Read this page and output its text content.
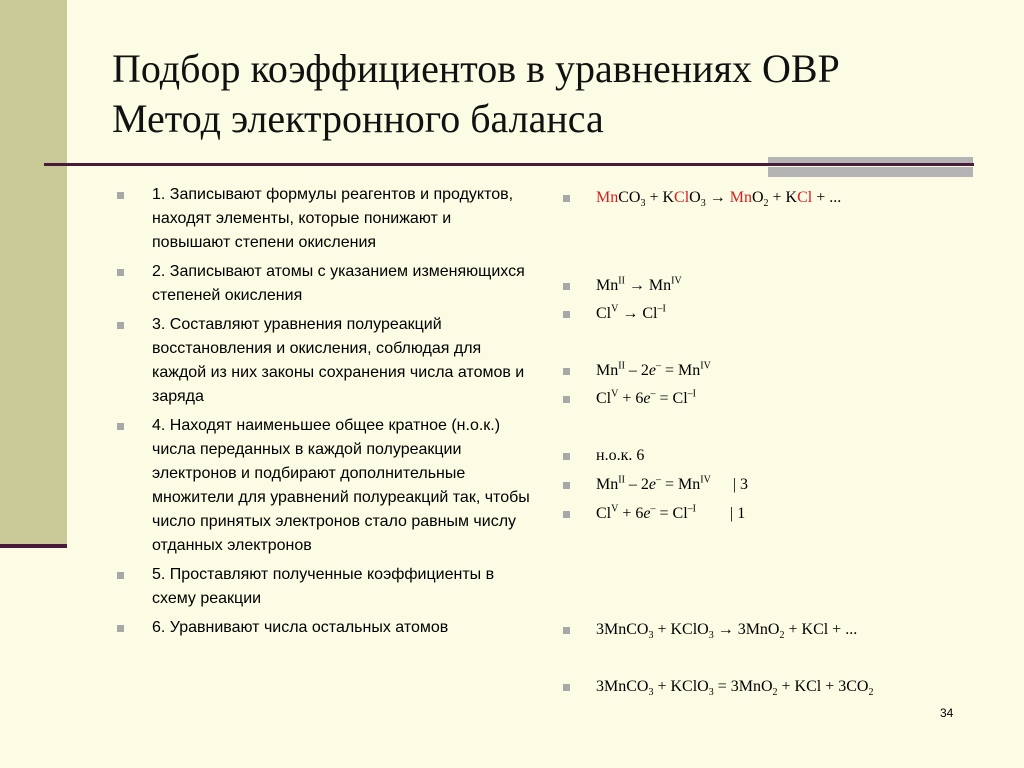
Подбор коэффициентов в уравнениях ОВР
Метод электронного баланса
1. Записывают формулы реагентов и продуктов, находят элементы, которые понижают и повышают степени окисления
2. Записывают атомы с указанием изменяющихся степеней окисления
3. Составляют уравнения полуреакций восстановления и окисления, соблюдая для каждой из них законы сохранения числа атомов и заряда
4. Находят наименьшее общее кратное (н.о.к.) числа переданных в каждой полуреакции электронов и подбирают дополнительные множители для уравнений полуреакций так, чтобы число принятых электронов стало равным числу отданных электронов
5. Проставляют полученные коэффициенты в схему реакции
6. Уравнивают числа остальных атомов
MnCO$_3$ + KClO$_3$ → MnO$_2$ + KCl + ...
$Mn^{II} \to Mn^{IV}$
$Cl^V \to Cl^{-I}$
$Mn^{II} - 2e^- = Mn^{IV}$
$Cl^V + 6e^- = Cl^{-I}$
н.о.к. 6
$Mn^{II} - 2e^- = Mn^{IV}$ | 3
$Cl^V + 6e^- = Cl^{-I}$ | 1
3MnCO$_3$ + KClO$_3$ → 3MnO$_2$ + KCl + ...
3MnCO$_3$ + KClO$_3$ = 3MnO$_2$ + KCl + $3CO_2$
34
